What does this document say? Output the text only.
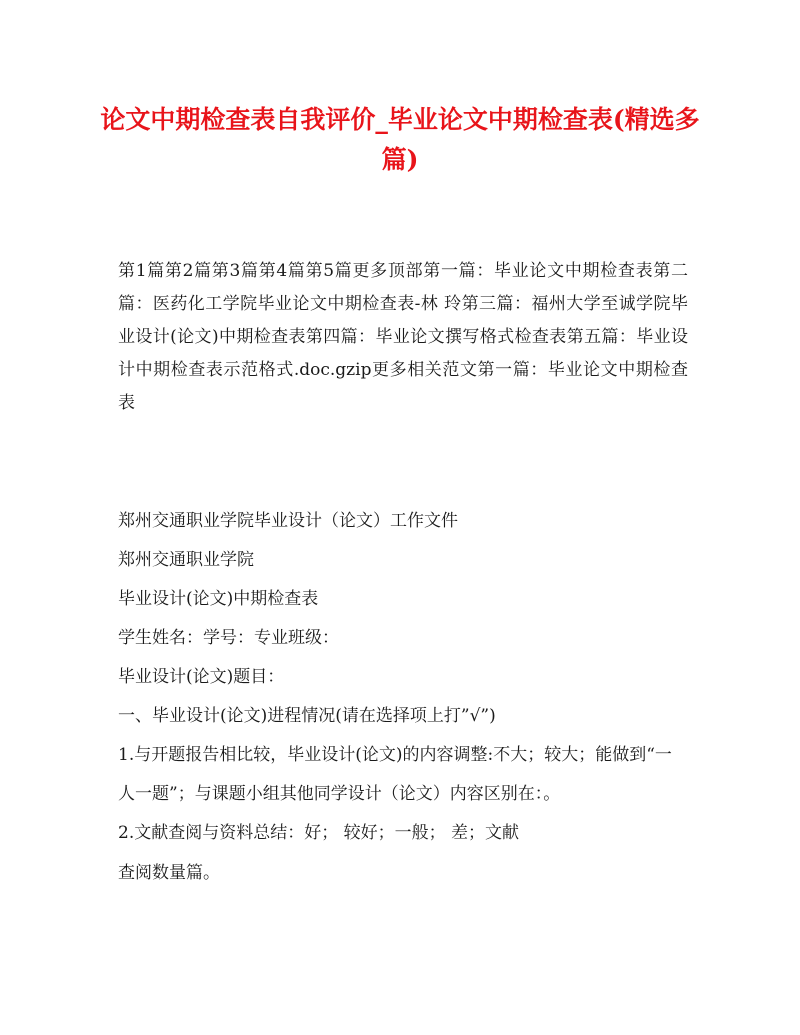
论文中期检查表自我评价_毕业论文中期检查表(精选多篇)
第1篇第2篇第3篇第4篇第5篇更多顶部第一篇：毕业论文中期检查表第二篇：医药化工学院毕业论文中期检查表-林 玲第三篇：福州大学至诚学院毕业设计(论文)中期检查表第四篇：毕业论文撰写格式检查表第五篇：毕业设计中期检查表示范格式.doc.gzip更多相关范文第一篇：毕业论文中期检查表
郑州交通职业学院毕业设计（论文）工作文件
郑州交通职业学院
毕业设计(论文)中期检查表
学生姓名：学号：专业班级：
毕业设计(论文)题目：
一、毕业设计(论文)进程情况(请在选择项上打”√”)
1.与开题报告相比较，毕业设计(论文)的内容调整:不大；较大；能做到“一人一题”；与课题小组其他同学设计（论文）内容区别在：。
2.文献查阅与资料总结：好； 较好；一般； 差；文献
查阅数量篇。
